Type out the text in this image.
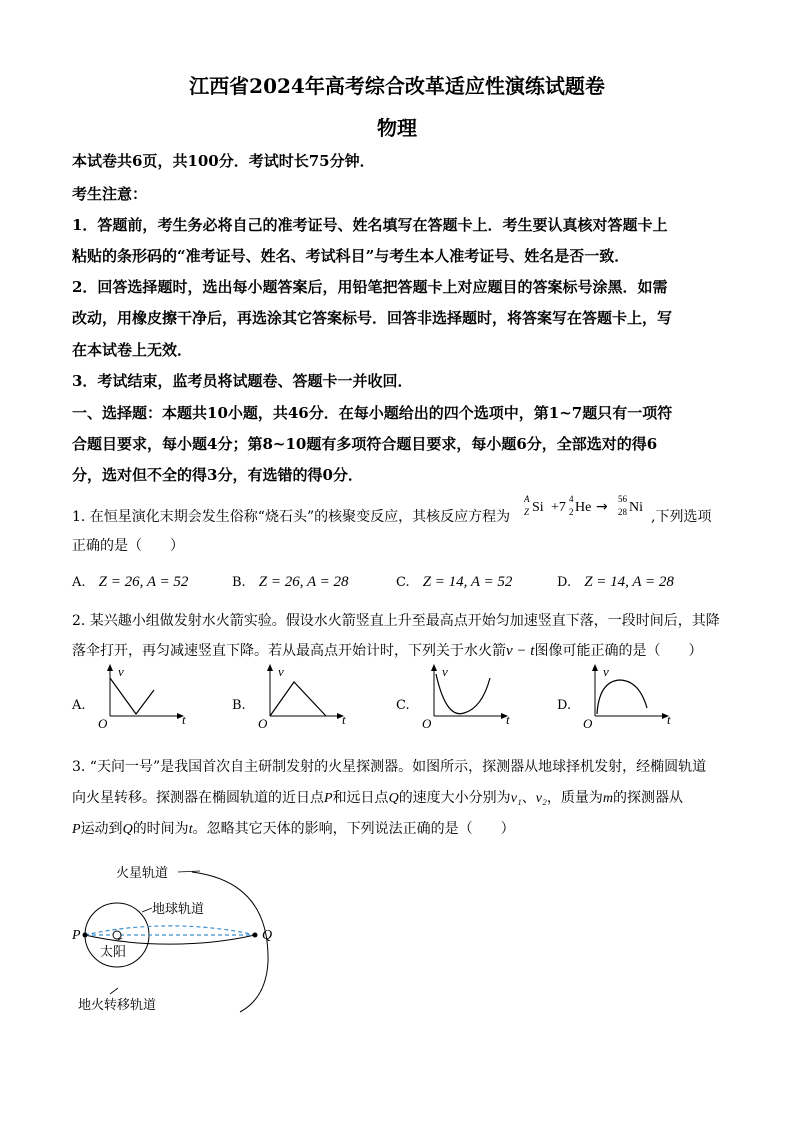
江西省2024年高考综合改革适应性演练试题卷
物理
本试卷共6页，共100分．考试时长75分钟．
考生注意：
1．答题前，考生务必将自己的准考证号、姓名填写在答题卡上．考生要认真核对答题卡上
粘贴的条形码的“准考证号、姓名、考试科目”与考生本人准考证号、姓名是否一致．
2．回答选择题时，选出每小题答案后，用铅笔把答题卡上对应题目的答案标号涂黑．如需
改动，用橡皮擦干净后，再选涂其它答案标号．回答非选择题时，将答案写在答题卡上，写
在本试卷上无效．
3．考试结束，监考员将试题卷、答题卡一并收回．
一、选择题：本题共10小题，共46分．在每小题给出的四个选项中，第1~7题只有一项符
合题目要求，每小题4分；第8~10题有多项符合题目要求，每小题6分，全部选对的得6
分，选对但不全的得3分，有选错的得0分．
1. 在恒星演化末期会发生俗称“烧石头”的核聚变反应，其核反应方程为
A
Z Si +7
4
2 He → 56
28 Ni
,下列选项
正确的是（　　）
A. Z = 26, A = 52	B. Z = 26, A = 28	C. Z = 14, A = 52	D. Z = 14, A = 28
2. 某兴趣小组做发射水火箭实验。假设水火箭竖直上升至最高点开始匀加速竖直下落，一段时间后，其降
落伞打开，再匀减速竖直下降。若从最高点开始计时，下列关于水火箭v − t图像可能正确的是（　　）
A.
v
O	t
B.
v
O	t
C.
v
O	t
D.
v
O	t
3. “天问一号”是我国首次自主研制发射的火星探测器。如图所示，探测器从地球择机发射，经椭圆轨道
向火星转移。探测器在椭圆轨道的近日点P和远日点Q的速度大小分别为v₁、v₂，质量为m的探测器从
P运动到Q的时间为t。忽略其它天体的影响，下列说法正确的是（　　）
火星轨道
地球轨道
太阳
地火转移轨道
P	Q
